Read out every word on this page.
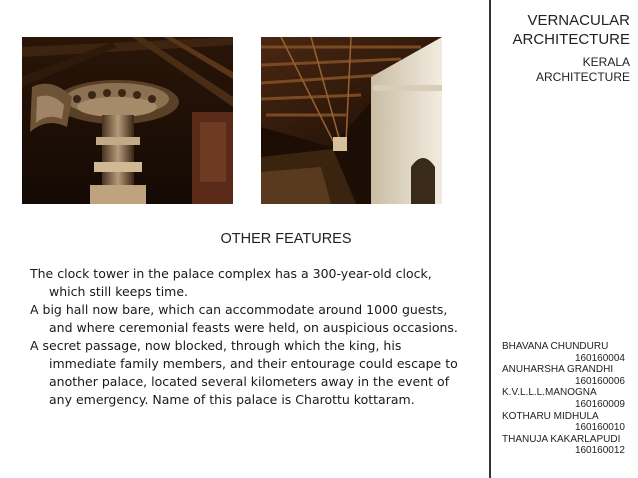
VERNACULAR
ARCHITECTURE
KERALA
ARCHITECTURE
OTHER FEATURES

The clock tower in the palace complex has a 300-year-old clock, which still keeps time.

A big hall now bare, which can accommodate around 1000 guests, and where ceremonial feasts were held, on auspicious occasions.

A secret passage, now blocked, through which the king, his immediate family members, and their entourage could escape to another palace, located several kilometers away in the event of any emergency. Name of this palace is Charottu kottaram.

BHAVANA CHUNDURU
160160004
ANUHARSHA GRANDHI
160160006
K.V.L.L.L.MANOGNA
160160009
KOTHARU MIDHULA
160160010
THANUJA KAKARLAPUDI
160160012
